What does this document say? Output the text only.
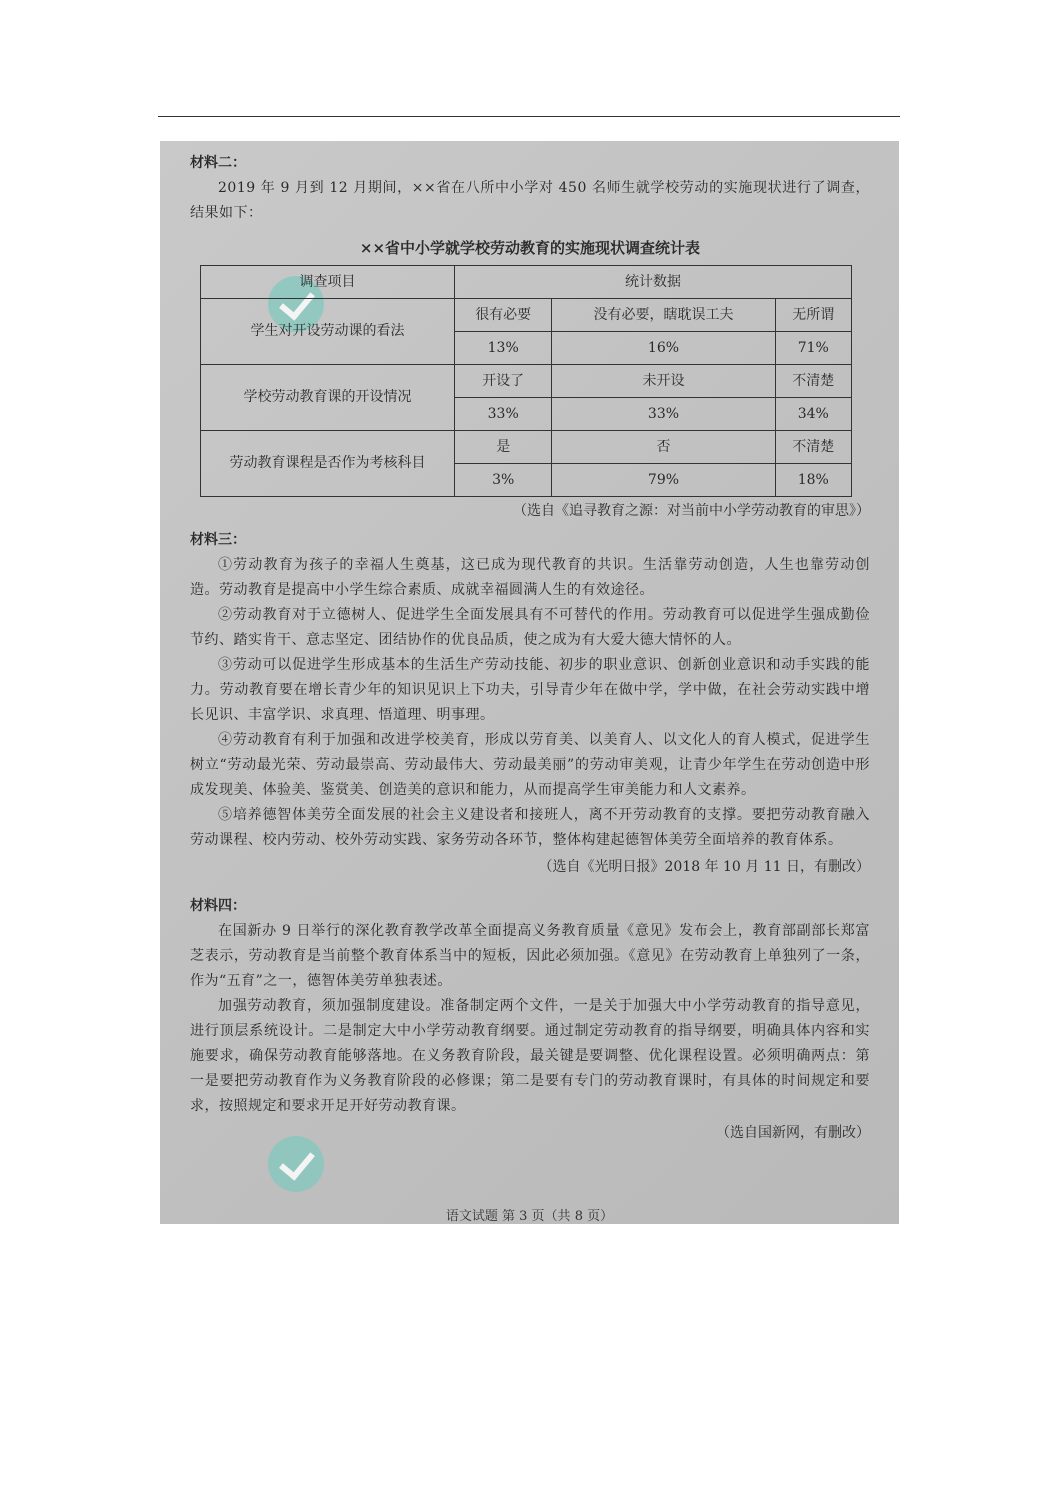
材料二：

2019 年 9 月到 12 月期间，××省在八所中小学对 450 名师生就学校劳动的实施现状进行了调查，结果如下：

××省中小学就学校劳动教育的实施现状调查统计表
调查项目	统计数据		
学生对开设劳动课的看法	很有必要	没有必要，瞎耽误工夫	无所谓
	13%	16%	71%
学校劳动教育课的开设情况	开设了	未开设	不清楚
	33%	33%	34%
劳动教育课程是否作为考核科目	是	否	不清楚
	3%	79%	18%

（选自《追寻教育之源：对当前中小学劳动教育的审思》）

材料三：

①劳动教育为孩子的幸福人生奠基，这已成为现代教育的共识。生活靠劳动创造，人生也靠劳动创造。劳动教育是提高中小学生综合素质、成就幸福圆满人生的有效途径。

②劳动教育对于立德树人、促进学生全面发展具有不可替代的作用。劳动教育可以促进学生强成勤俭节约、踏实肯干、意志坚定、团结协作的优良品质，使之成为有大爱大德大情怀的人。

③劳动可以促进学生形成基本的生活生产劳动技能、初步的职业意识、创新创业意识和动手实践的能力。劳动教育要在增长青少年的知识见识上下功夫，引导青少年在做中学，学中做，在社会劳动实践中增长见识、丰富学识、求真理、悟道理、明事理。

④劳动教育有利于加强和改进学校美育，形成以劳育美、以美育人、以文化人的育人模式，促进学生树立“劳动最光荣、劳动最崇高、劳动最伟大、劳动最美丽”的劳动审美观，让青少年学生在劳动创造中形成发现美、体验美、鉴赏美、创造美的意识和能力，从而提高学生审美能力和人文素养。

⑤培养德智体美劳全面发展的社会主义建设者和接班人，离不开劳动教育的支撑。要把劳动教育融入劳动课程、校内劳动、校外劳动实践、家务劳动各环节，整体构建起德智体美劳全面培养的教育体系。

（选自《光明日报》2018 年 10 月 11 日，有删改）

材料四：

在国新办 9 日举行的深化教育教学改革全面提高义务教育质量《意见》发布会上，教育部副部长郑富芝表示，劳动教育是当前整个教育体系当中的短板，因此必须加强。《意见》在劳动教育上单独列了一条，作为“五育”之一，德智体美劳单独表述。

加强劳动教育，须加强制度建设。准备制定两个文件，一是关于加强大中小学劳动教育的指导意见，进行顶层系统设计。二是制定大中小学劳动教育纲要。通过制定劳动教育的指导纲要，明确具体内容和实施要求，确保劳动教育能够落地。在义务教育阶段，最关键是要调整、优化课程设置。必须明确两点：第一是要把劳动教育作为义务教育阶段的必修课；第二是要有专门的劳动教育课时，有具体的时间规定和要求，按照规定和要求开足开好劳动教育课。

（选自国新网，有删改）

语文试题 第 3 页（共 8 页）
